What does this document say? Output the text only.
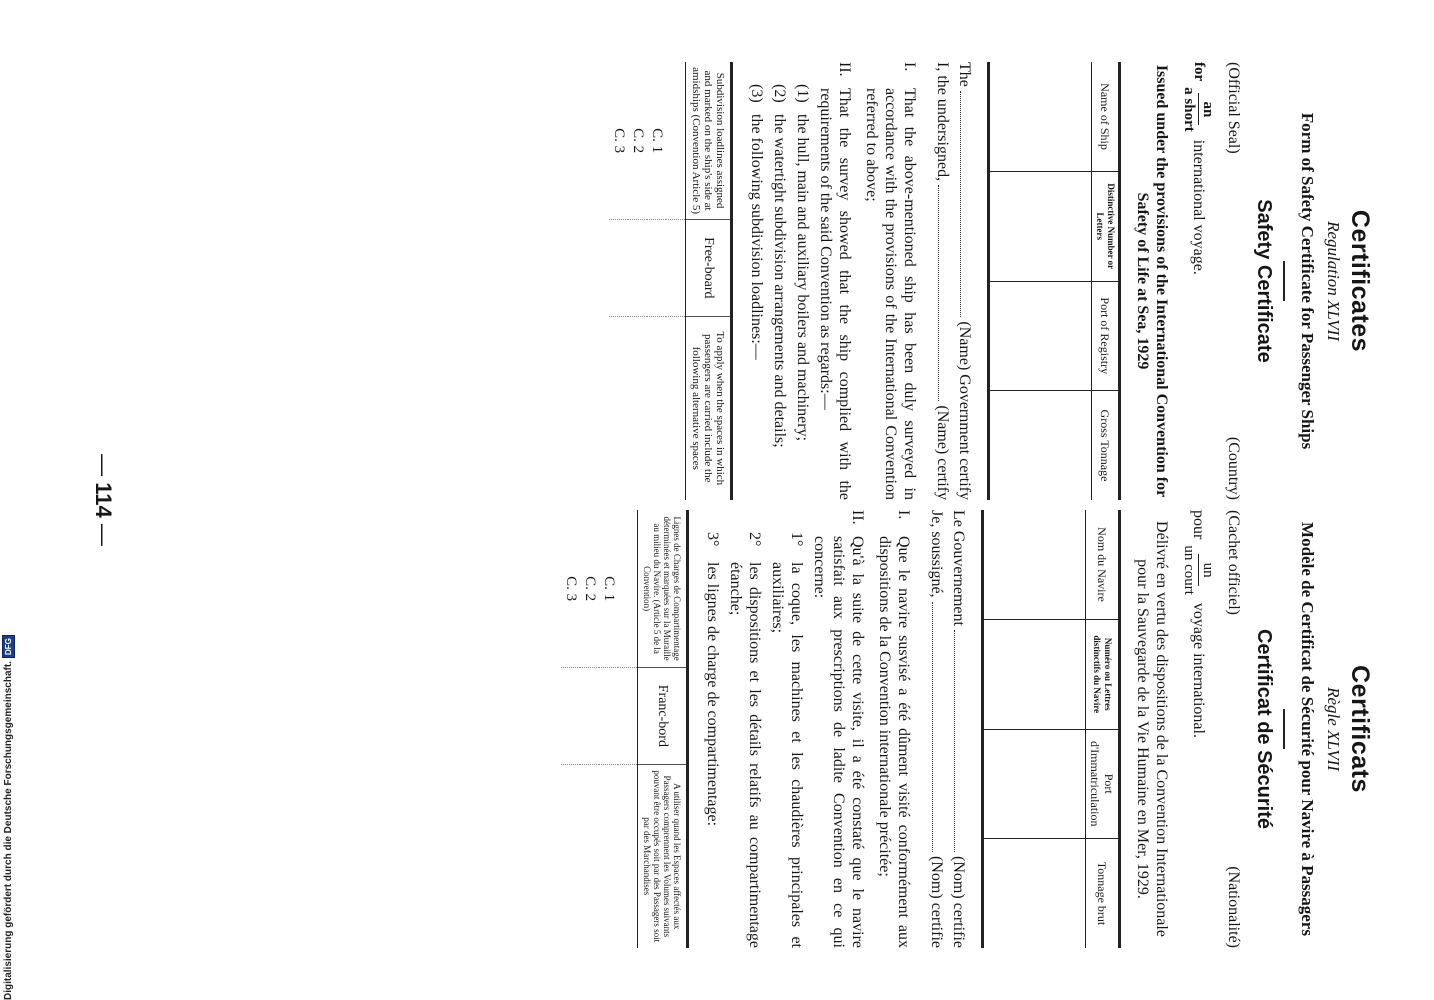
Certificates
Regulation XLVII
Form of Safety Certificate for Passenger Ships
Safety Certificate
(Official Seal)
(Country)
for
an
a short
international voyage.
Issued under the provisions of the International Convention for Safety of Life at Sea, 1929
Name of Ship	Distinctive Number or Letters	Port of Registry	Gross Tonnage

The
(Name) Government certify
I, the undersigned,
(Name) certify
I.
That the above-mentioned ship has been duly surveyed in accordance with the provisions of the International Convention referred to above;
II.
That the survey showed that the ship complied with the requirements of the said Convention as regards:—
(1)
the hull, main and auxiliary boilers and machinery;
(2)
the watertight subdivision arrangements and details;
(3)
the following subdivision loadlines:—
Subdivision loadlines assigned and marked on the ship's side at amidships (Convention Article 5)	Free-board	To apply when the spaces in which passengers are carried include the following alternative spaces

C. 1		
C. 2		
C. 3		
Certificats
Règle XLVII
Modèle de Certificat de Sécurité pour Navire à Passagers
Certificat de Sécurité
(Cachet officiel)
(Nationalité)
pour
un
un court
voyage international.
Délivré en vertu des dispositions de la Convention Internationale pour la Sauvegarde de la Vie Humaine en Mer, 1929.
Nom du Navire	Numéro ou Lettres distinctifs du Navire	Port d'Immatriculation	Tonnage brut

Le Gouvernement
(Nom) certifie
Je, soussigné,
(Nom) certifie
I.
Que le navire susvisé a été dûment visité conformément aux dispositions de la Convention internationale précitée;
II.
Qu'à la suite de cette visite, il a été constaté que le navire satisfait aux prescriptions de ladite Convention en ce qui concerne:
1°
la coque, les machines et les chaudières principales et auxiliaires;
2°
les dispositions et les détails relatifs au compartimentage étanche;
3°
les lignes de charge de compartimentage:
Lignes de Charges de Compartimentage déterminées et marquées sur la Muraille au milieu du Navire. (Article 5 de la Convention)	Franc-bord	A utiliser quand les Espaces affectés aux Passagers comprennent les Volumes suivants pouvant être occupés soit par des Passagers soit par des Marchandises

C. 1		
C. 2		
C. 3		
— 114 —
Digitalisierung gefördert durch die Deutsche Forschungsgemeinschaft.
DFG
